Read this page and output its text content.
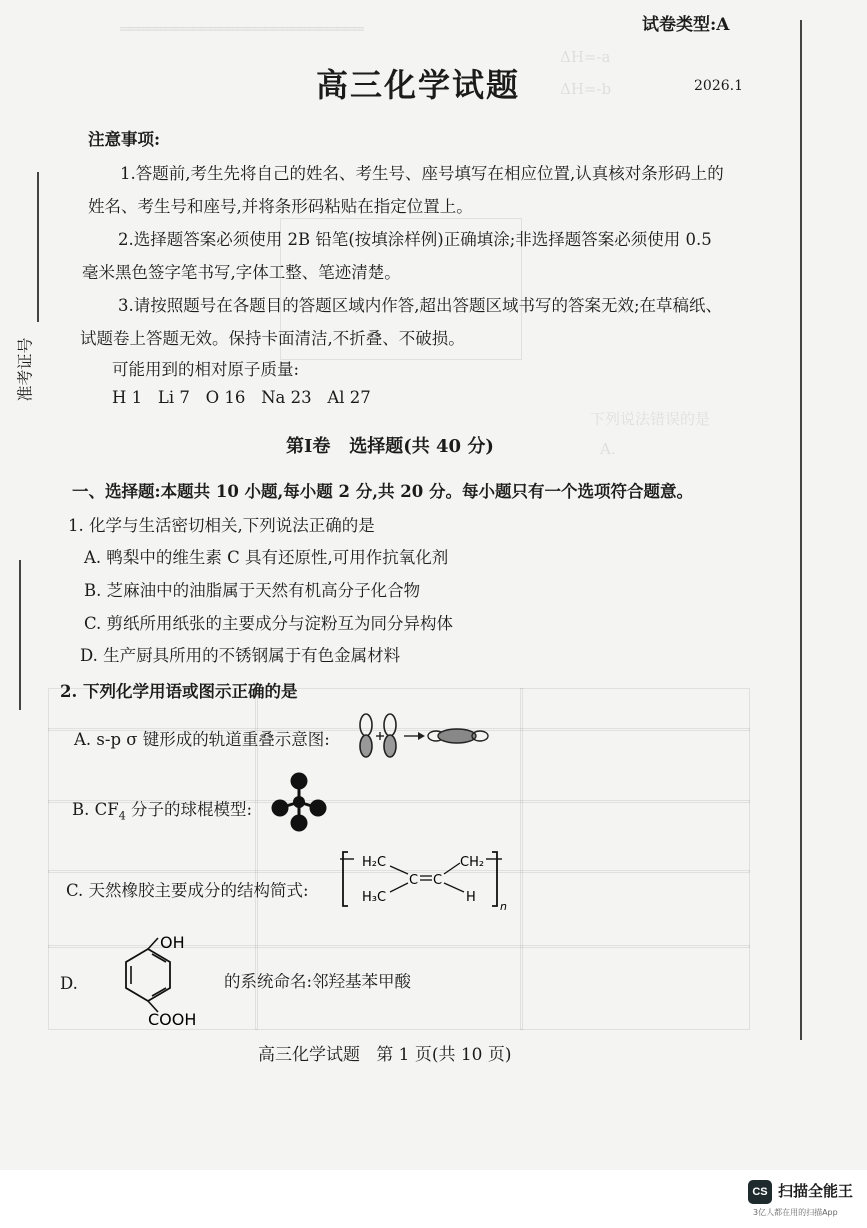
═══════════════════════════
ΔH=-a
ΔH=-b
下列说法错误的是
A.
准考证号
试卷类型:A
高三化学试题	2026.1
注意事项:
1.答题前,考生先将自己的姓名、考生号、座号填写在相应位置,认真核对条形码上的
姓名、考生号和座号,并将条形码粘贴在指定位置上。
2.选择题答案必须使用 2B 铅笔(按填涂样例)正确填涂;非选择题答案必须使用 0.5
毫米黑色签字笔书写,字体工整、笔迹清楚。
3.请按照题号在各题目的答题区域内作答,超出答题区域书写的答案无效;在草稿纸、
试题卷上答题无效。保持卡面清洁,不折叠、不破损。
可能用到的相对原子质量:
H 1   Li 7   O 16   Na 23   Al 27
第Ⅰ卷   选择题(共 40 分)
一、选择题:本题共 10 小题,每小题 2 分,共 20 分。每小题只有一个选项符合题意。
1. 化学与生活密切相关,下列说法正确的是
A. 鸭梨中的维生素 C 具有还原性,可用作抗氧化剂
B. 芝麻油中的油脂属于天然有机高分子化合物
C. 剪纸所用纸张的主要成分与淀粉互为同分异构体
D. 生产厨具所用的不锈钢属于有色金属材料
2. 下列化学用语或图示正确的是
A. s-p σ 键形成的轨道重叠示意图:
B. $CF_4$ 分子的球棍模型:
C. 天然橡胶主要成分的结构简式:
H₂C	CH₂
H₃C	H
C C
n
D.
OH
COOH
的系统命名:邻羟基苯甲酸
高三化学试题   第 1 页(共 10 页)
CS 扫描全能王
3亿人都在用的扫描App
